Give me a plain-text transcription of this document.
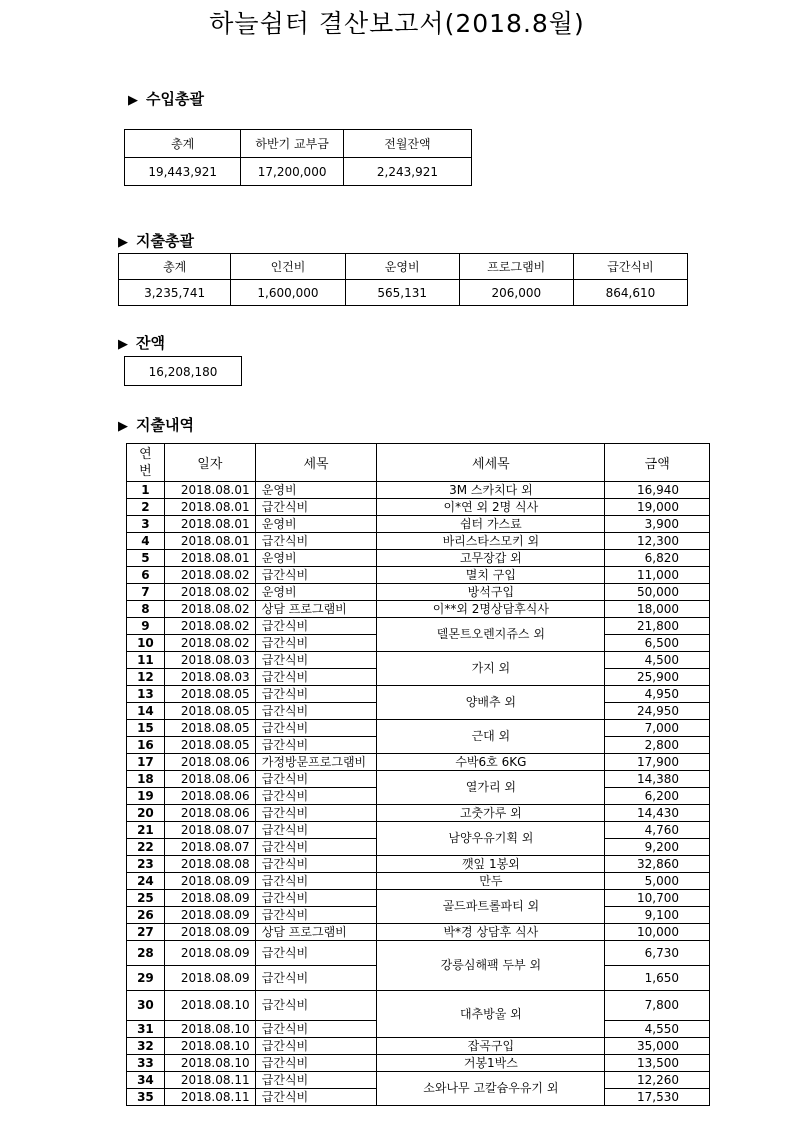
하늘쉼터 결산보고서(2018.8월)
▶ 수입총괄
총계	하반기 교부금	전월잔액
19,443,921	17,200,000	2,243,921
▶ 지출총괄
총계	인건비	운영비	프로그램비	급간식비
3,235,741	1,600,000	565,131	206,000	864,610
▶ 잔액
16,208,180
▶ 지출내역
연번	일자	세목	세세목	금액
1	2018.08.01	운영비	3M 스카치다 외	16,940
2	2018.08.01	급간식비	이*연 외 2명 식사	19,000
3	2018.08.01	운영비	쉼터 가스료	3,900
4	2018.08.01	급간식비	바리스타스모키 외	12,300
5	2018.08.01	운영비	고무장갑 외	6,820
6	2018.08.02	급간식비	멸치 구입	11,000
7	2018.08.02	운영비	방석구입	50,000
8	2018.08.02	상담 프로그램비	이**외 2명상담후식사	18,000
9	2018.08.02	급간식비	델몬트오렌지쥬스 외	21,800
10	2018.08.02	급간식비		6,500
11	2018.08.03	급간식비	가지 외	4,500
12	2018.08.03	급간식비		25,900
13	2018.08.05	급간식비	양배추 외	4,950
14	2018.08.05	급간식비		24,950
15	2018.08.05	급간식비	근대 외	7,000
16	2018.08.05	급간식비		2,800
17	2018.08.06	가정방문프로그램비	수박6호 6KG	17,900
18	2018.08.06	급간식비	열가리 외	14,380
19	2018.08.06	급간식비		6,200
20	2018.08.06	급간식비	고춧가루 외	14,430
21	2018.08.07	급간식비	남양우유기획 외	4,760
22	2018.08.07	급간식비		9,200
23	2018.08.08	급간식비	깻잎 1봉외	32,860
24	2018.08.09	급간식비	만두	5,000
25	2018.08.09	급간식비	골드파트롤파티 외	10,700
26	2018.08.09	급간식비		9,100
27	2018.08.09	상담 프로그램비	박*경 상담후 식사	10,000
28	2018.08.09	급간식비	강릉심해팩 두부 외	6,730
29	2018.08.09	급간식비		1,650
30	2018.08.10	급간식비	대추방울 외	7,800
31	2018.08.10	급간식비		4,550
32	2018.08.10	급간식비	잡곡구입	35,000
33	2018.08.10	급간식비	거봉1박스	13,500
34	2018.08.11	급간식비	소와나무 고칼슘우유기 외	12,260
35	2018.08.11	급간식비		17,530
